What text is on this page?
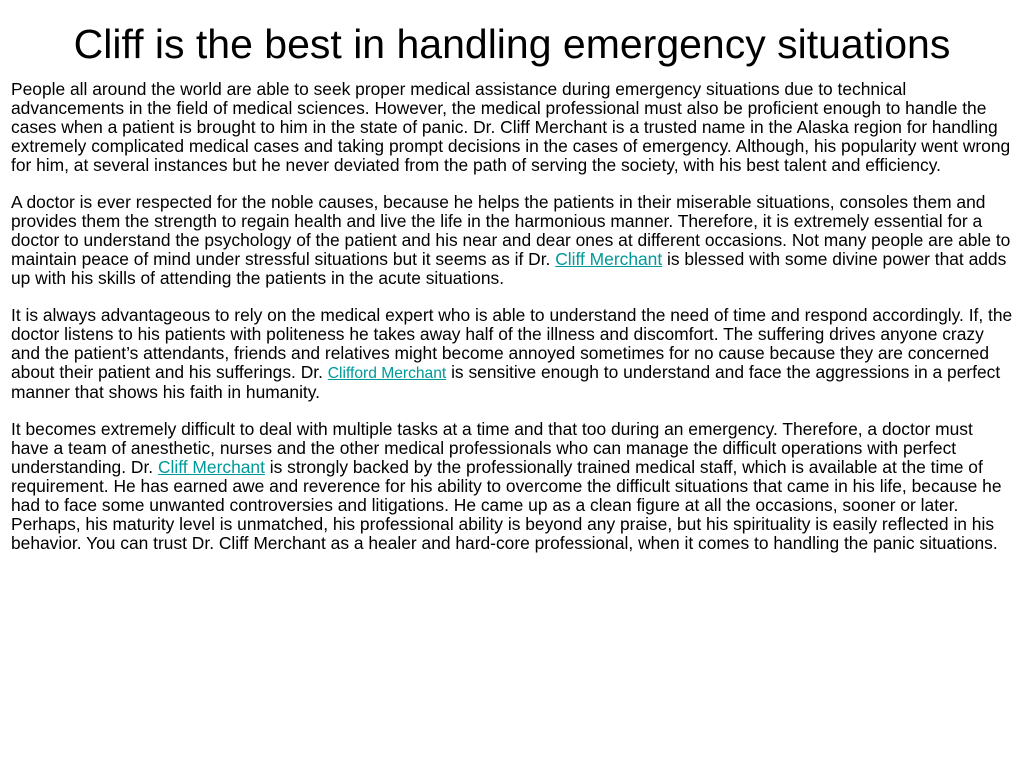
Cliff is the best in handling emergency situations

People all around the world are able to seek proper medical assistance during emergency situations due to technical advancements in the field of medical sciences. However, the medical professional must also be proficient enough to handle the cases when a patient is brought to him in the state of panic. Dr. Cliff Merchant is a trusted name in the Alaska region for handling extremely complicated medical cases and taking prompt decisions in the cases of emergency. Although, his popularity went wrong for him, at several instances but he never deviated from the path of serving the society, with his best talent and efficiency.

A doctor is ever respected for the noble causes, because he helps the patients in their miserable situations, consoles them and provides them the strength to regain health and live the life in the harmonious manner. Therefore, it is extremely essential for a doctor to understand the psychology of the patient and his near and dear ones at different occasions. Not many people are able to maintain peace of mind under stressful situations but it seems as if Dr. Cliff Merchant is blessed with some divine power that adds up with his skills of attending the patients in the acute situations.

It is always advantageous to rely on the medical expert who is able to understand the need of time and respond accordingly. If, the doctor listens to his patients with politeness he takes away half of the illness and discomfort. The suffering drives anyone crazy and the patient’s attendants, friends and relatives might become annoyed sometimes for no cause because they are concerned about their patient and his sufferings. Dr. Clifford Merchant is sensitive enough to understand and face the aggressions in a perfect manner that shows his faith in humanity.

It becomes extremely difficult to deal with multiple tasks at a time and that too during an emergency. Therefore, a doctor must have a team of anesthetic, nurses and the other medical professionals who can manage the difficult operations with perfect understanding. Dr. Cliff Merchant is strongly backed by the professionally trained medical staff, which is available at the time of requirement. He has earned awe and reverence for his ability to overcome the difficult situations that came in his life, because he had to face some unwanted controversies and litigations. He came up as a clean figure at all the occasions, sooner or later. Perhaps, his maturity level is unmatched, his professional ability is beyond any praise, but his spirituality is easily reflected in his behavior. You can trust Dr. Cliff Merchant as a healer and hard-core professional, when it comes to handling the panic situations.
